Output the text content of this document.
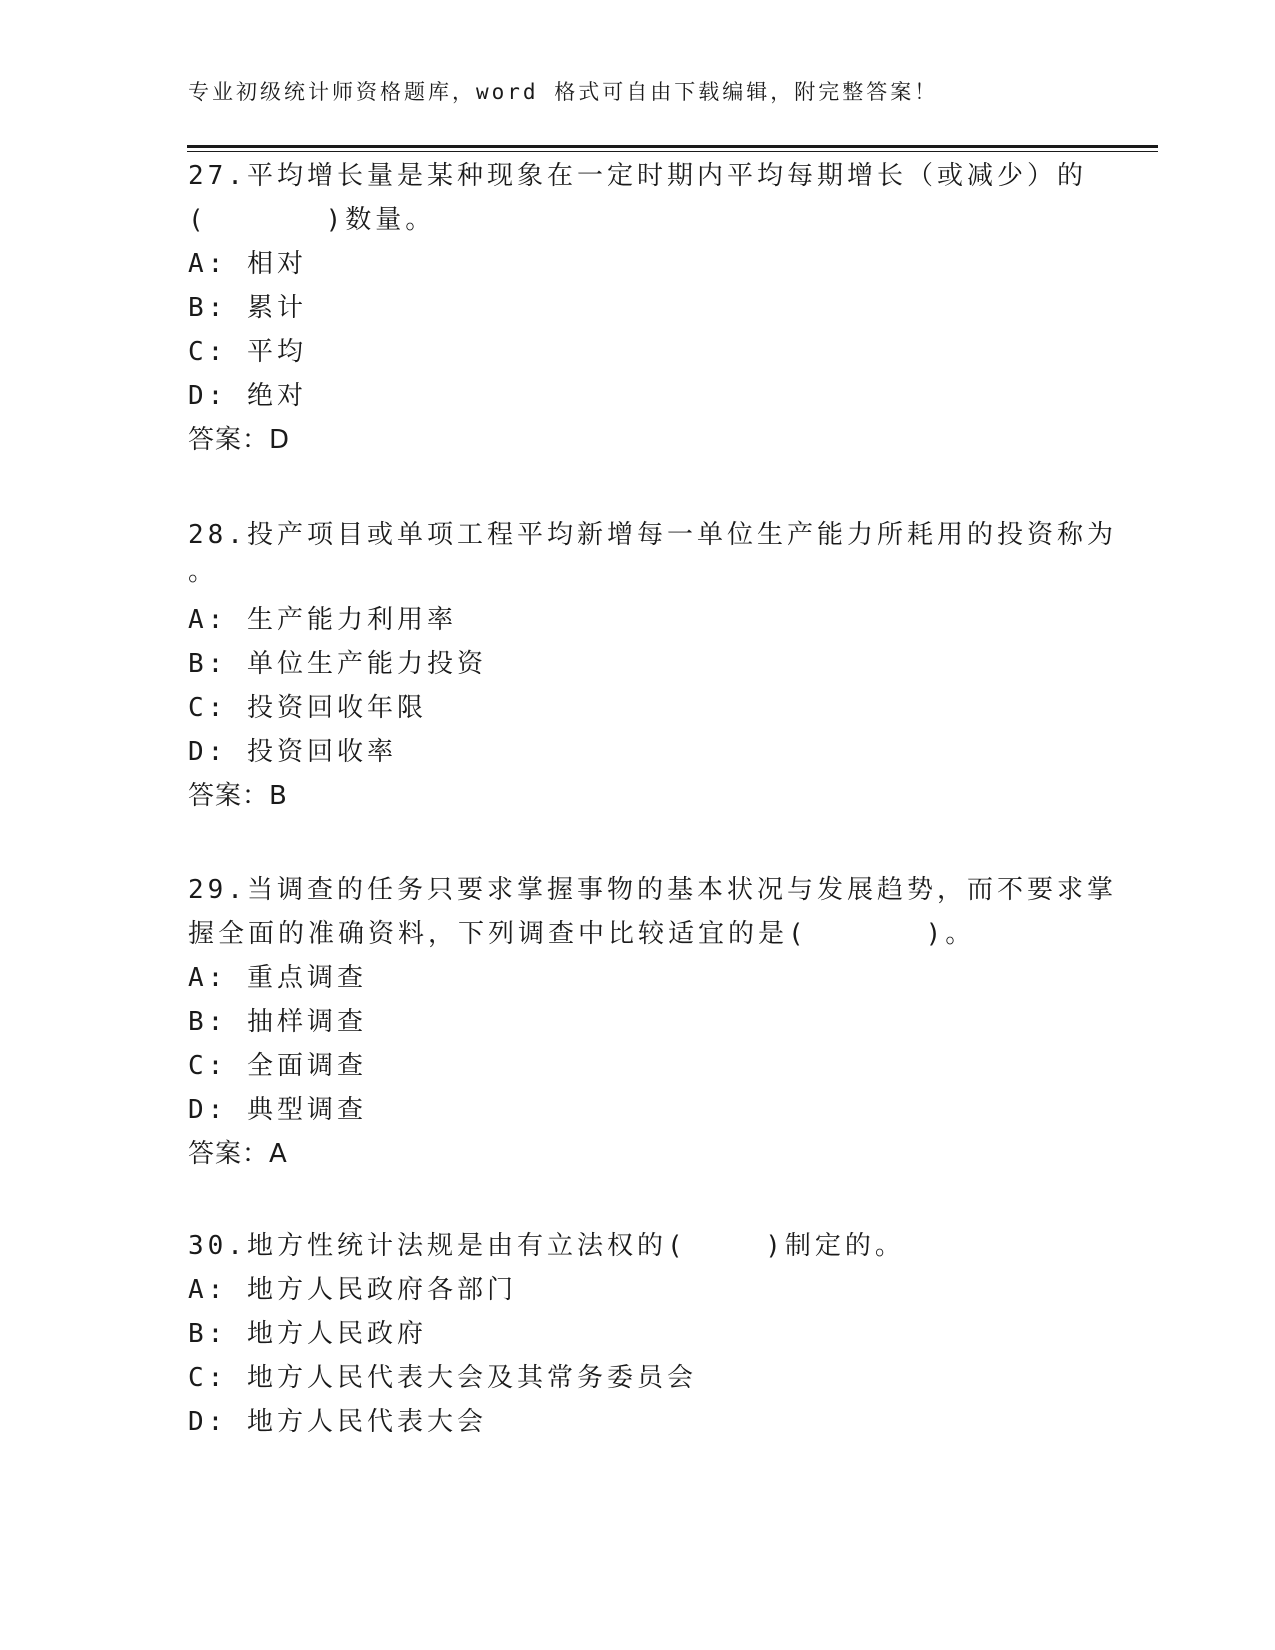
专业初级统计师资格题库，word 格式可自由下载编辑，附完整答案！
27.平均增长量是某种现象在一定时期内平均每期增长（或减少）的
(      )数量。
A: 相对
B: 累计
C: 平均
D: 绝对
答案：D
28.投产项目或单项工程平均新增每一单位生产能力所耗用的投资称为
。
A: 生产能力利用率
B: 单位生产能力投资
C: 投资回收年限
D: 投资回收率
答案：B
29.当调查的任务只要求掌握事物的基本状况与发展趋势，而不要求掌
握全面的准确资料，下列调查中比较适宜的是(      )。
A: 重点调查
B: 抽样调查
C: 全面调查
D: 典型调查
答案：A
30.地方性统计法规是由有立法权的(    )制定的。
A: 地方人民政府各部门
B: 地方人民政府
C: 地方人民代表大会及其常务委员会
D: 地方人民代表大会
